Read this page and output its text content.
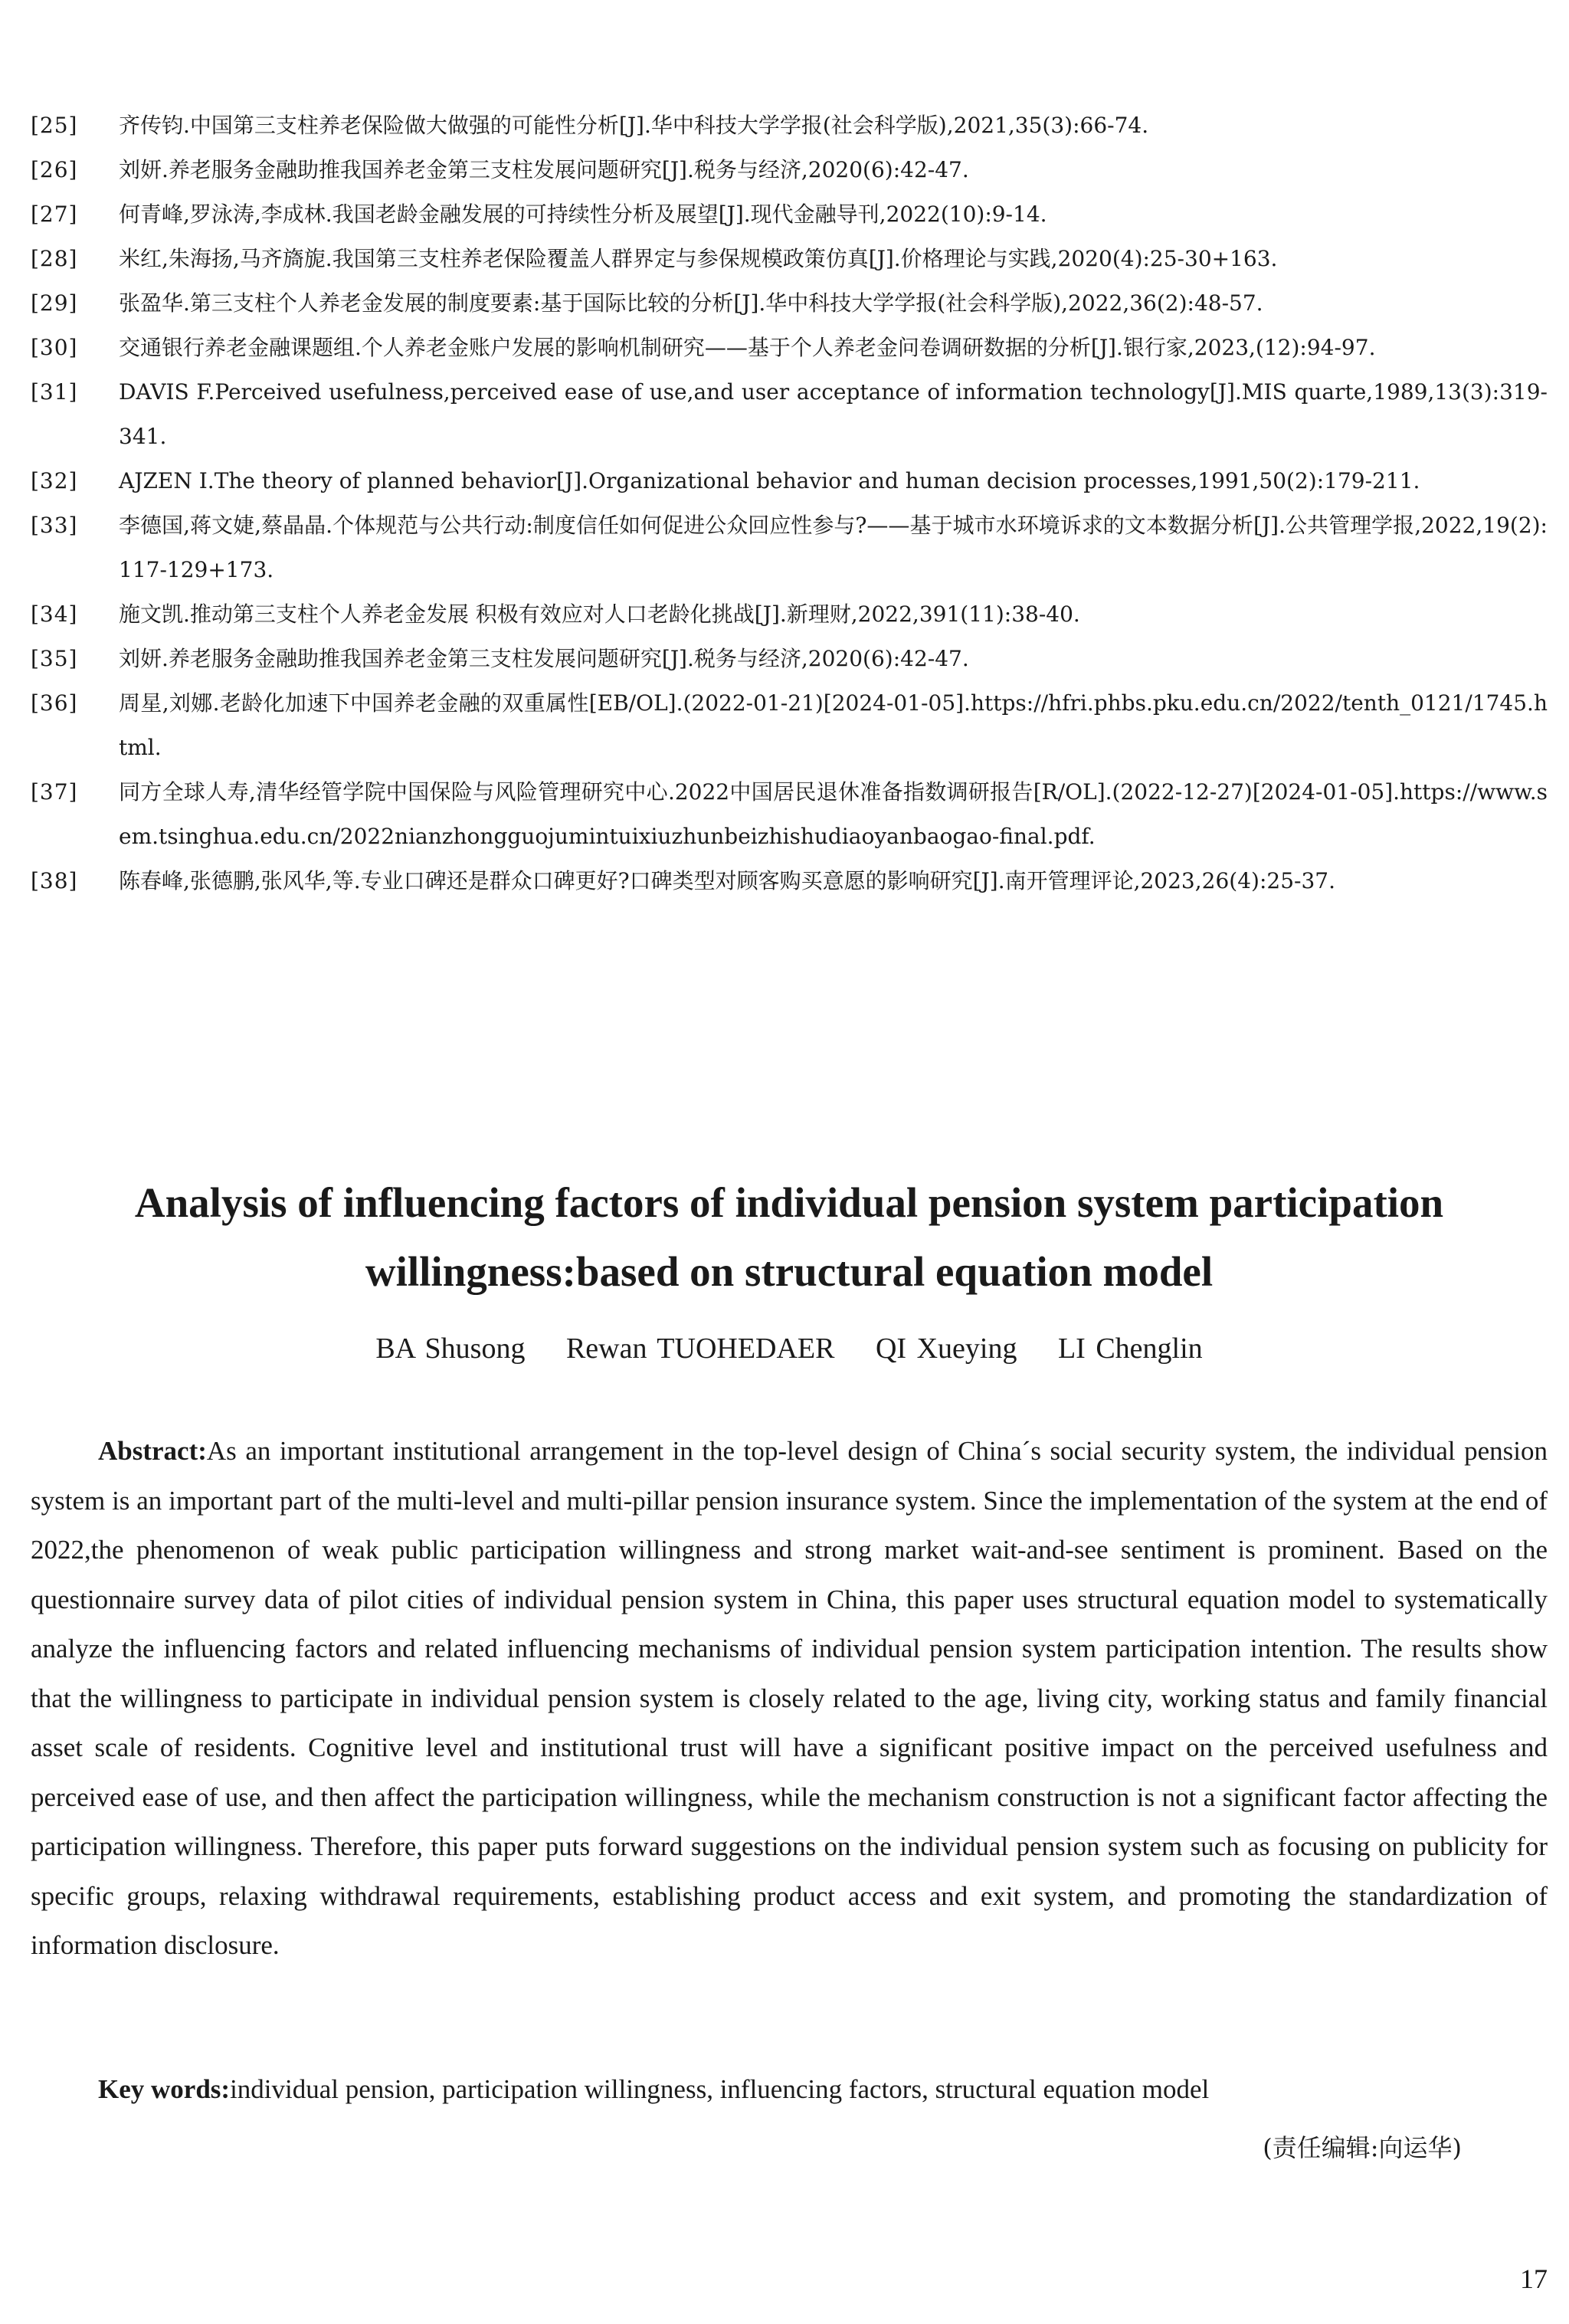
[25]	齐传钧.中国第三支柱养老保险做大做强的可能性分析[J].华中科技大学学报(社会科学版),2021,35(3):66-74.
[26]	刘妍.养老服务金融助推我国养老金第三支柱发展问题研究[J].税务与经济,2020(6):42-47.
[27]	何青峰,罗泳涛,李成林.我国老龄金融发展的可持续性分析及展望[J].现代金融导刊,2022(10):9-14.
[28]	米红,朱海扬,马齐旖旎.我国第三支柱养老保险覆盖人群界定与参保规模政策仿真[J].价格理论与实践,2020(4):25-30+163.
[29]	张盈华.第三支柱个人养老金发展的制度要素:基于国际比较的分析[J].华中科技大学学报(社会科学版),2022,36(2):48-57.
[30]	交通银行养老金融课题组.个人养老金账户发展的影响机制研究——基于个人养老金问卷调研数据的分析[J].银行家,2023,(12):94-97.
[31]	DAVIS F.Perceived usefulness,perceived ease of use,and user acceptance of information technology[J].MIS quarte,1989,13(3):319-341.
[32]	AJZEN I.The theory of planned behavior[J].Organizational behavior and human decision processes,1991,50(2):179-211.
[33]	李德国,蒋文婕,蔡晶晶.个体规范与公共行动:制度信任如何促进公众回应性参与?——基于城市水环境诉求的文本数据分析[J].公共管理学报,2022,19(2):117-129+173.
[34]	施文凯.推动第三支柱个人养老金发展 积极有效应对人口老龄化挑战[J].新理财,2022,391(11):38-40.
[35]	刘妍.养老服务金融助推我国养老金第三支柱发展问题研究[J].税务与经济,2020(6):42-47.
[36]	周星,刘娜.老龄化加速下中国养老金融的双重属性[EB/OL].(2022-01-21)[2024-01-05].https://hfri.phbs.pku.edu.cn/2022/tenth_0121/1745.html.
[37]	同方全球人寿,清华经管学院中国保险与风险管理研究中心.2022中国居民退休准备指数调研报告[R/OL].(2022-12-27)[2024-01-05].https://www.sem.tsinghua.edu.cn/2022nianzhongguojumintuixiuzhunbeizhishudiaoyanbaogao-final.pdf.
[38]	陈春峰,张德鹏,张风华,等.专业口碑还是群众口碑更好?口碑类型对顾客购买意愿的影响研究[J].南开管理评论,2023,26(4):25-37.
Analysis of influencing factors of individual pension system participation willingness:based on structural equation model
BA Shusong Rewan TUOHEDAER QI Xueying LI Chenglin
Abstract:As an important institutional arrangement in the top-level design of China´s social security system, the individual pension system is an important part of the multi-level and multi-pillar pension insurance system. Since the implementation of the system at the end of 2022,the phenomenon of weak public participation willingness and strong market wait-and-see sentiment is prominent. Based on the questionnaire survey data of pilot cities of individual pension system in China, this paper uses structural equation model to systematically analyze the influencing factors and related influencing mechanisms of individual pension system participation intention. The results show that the willingness to participate in individual pension system is closely related to the age, living city, working status and family financial asset scale of residents. Cognitive level and institutional trust will have a significant positive impact on the perceived usefulness and perceived ease of use, and then affect the participation willingness, while the mechanism construction is not a significant factor affecting the participation willingness. Therefore, this paper puts forward suggestions on the individual pension system such as focusing on publicity for specific groups, relaxing withdrawal requirements, establishing product access and exit system, and promoting the standardization of information disclosure.
Key words:individual pension, participation willingness, influencing factors, structural equation model
(责任编辑:向运华)
17
